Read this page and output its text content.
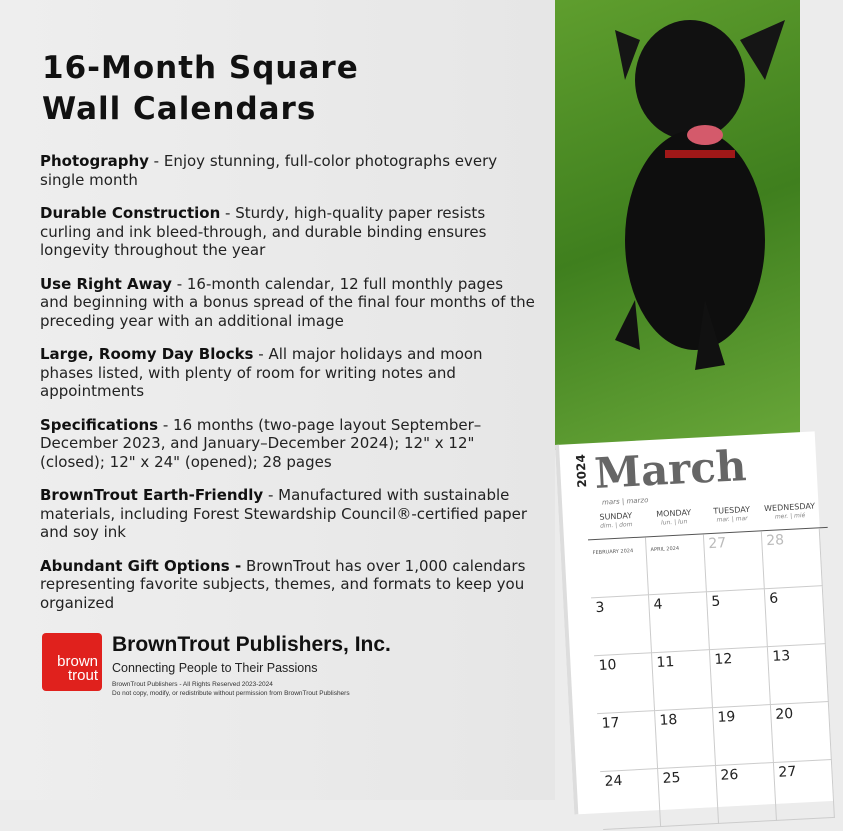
16-Month Square Wall Calendars
Photography - Enjoy stunning, full-color photographs every single month
Durable Construction - Sturdy, high-quality paper resists curling and ink bleed-through, and durable binding ensures longevity throughout the year
Use Right Away - 16-month calendar, 12 full monthly pages and beginning with a bonus spread of the final four months of the preceding year with an additional image
Large, Roomy Day Blocks - All major holidays and moon phases listed, with plenty of room for writing notes and appointments
Specifications - 16 months (two-page layout September–December 2023, and January–December 2024); 12" x 12" (closed); 12" x 24" (opened); 28 pages
BrownTrout Earth-Friendly - Manufactured with sustainable materials, including Forest Stewardship Council®-certified paper and soy ink
Abundant Gift Options - BrownTrout has over 1,000 calendars representing favorite subjects, themes, and formats to keep you organized
brown
trout
BrownTrout Publishers, Inc.
Connecting People to Their Passions
BrownTrout Publishers - All Rights Reserved 2023-2024
Do not copy, modify, or redistribute without permission from BrownTrout Publishers
2024 March
mars | marzo
SUNDAY
dim. | dom
MONDAY
lun. | lun
TUESDAY
mar. | mar
WEDNESDAY
mer. | mié
FEBRUARY 2024	APRIL 2024	27	28
3	4	5	6
10	11	12	13
17	18	19	20
24	25	26	27
